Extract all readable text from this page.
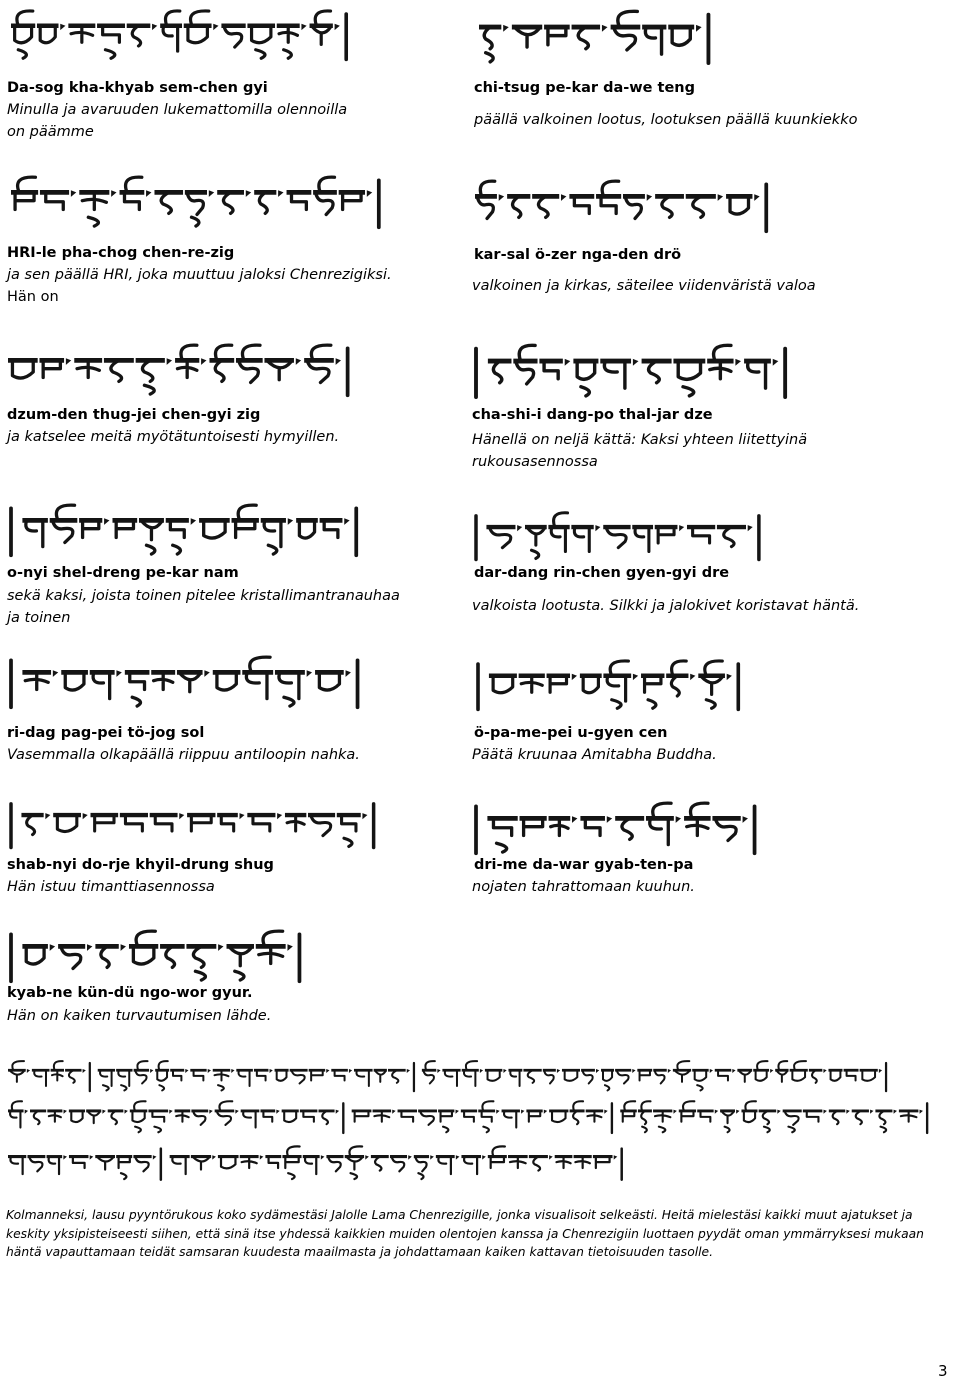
Da-sog kha-khyab sem-chen gyi
Minulla ja avaruuden lukemattomilla olennoilla
on päämme
HRI-le pha-chog chen-re-zig
ja sen päällä HRI, joka muuttuu jaloksi Chenrezigiksi.
Hän on
dzum-den thug-jei chen-gyi zig
ja katselee meitä myötätuntoisesti hymyillen.
o-nyi shel-dreng pe-kar nam
sekä kaksi, joista toinen pitelee kristallimantranauhaa
ja toinen
ri-dag pag-pei tö-jog sol
Vasemmalla olkapäällä riippuu antiloopin nahka.
shab-nyi do-rje khyil-drung shug
Hän istuu timanttiasennossa
kyab-ne kün-dü ngo-wor gyur.
Hän on kaiken turvautumisen lähde.
chi-tsug pe-kar da-we teng
päällä valkoinen lootus, lootuksen päällä kuunkiekko
kar-sal ö-zer nga-den drö
valkoinen ja kirkas, säteilee viidenväristä valoa
cha-shi-i dang-po thal-jar dze
Hänellä on neljä kättä: Kaksi yhteen liitettyinä
rukousasennossa
dar-dang rin-chen gyen-gyi dre
valkoista lootusta. Silkki ja jalokivet koristavat häntä.
ö-pa-me-pei u-gyen cen
Päätä kruunaa Amitabha Buddha.
dri-me da-war gyab-ten-pa
nojaten tahrattomaan kuuhun.
Kolmanneksi, lausu pyyntörukous koko sydämestäsi Jalolle Lama Chenrezigille, jonka visualisoit selkeästi. Heitä mielestäsi kaikki muut ajatukset ja keskity yksipisteiseesti siihen, että sinä itse yhdessä kaikkien muiden olentojen kanssa ja Chenrezigiin luottaen pyydät oman ymmärryksesi mukaan häntä vapauttamaan teidät samsaran kuudesta maailmasta ja johdattamaan kaiken kattavan tietoisuuden tasolle.
3
